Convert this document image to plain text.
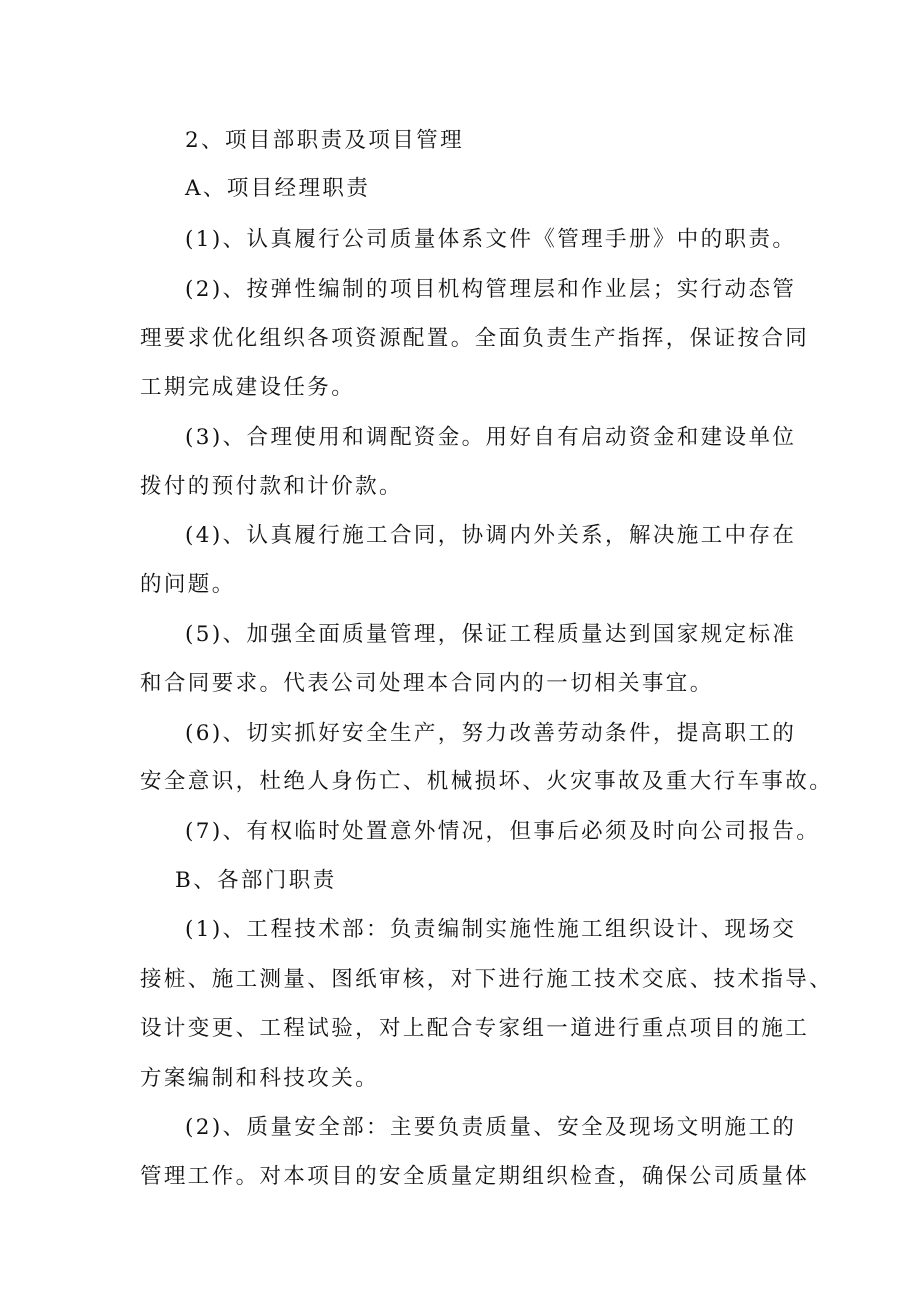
2、项目部职责及项目管理
A、项目经理职责
(1)、认真履行公司质量体系文件《管理手册》中的职责。
(2)、按弹性编制的项目机构管理层和作业层；实行动态管
理要求优化组织各项资源配置。全面负责生产指挥，保证按合同
工期完成建设任务。
(3)、合理使用和调配资金。用好自有启动资金和建设单位
拨付的预付款和计价款。
(4)、认真履行施工合同，协调内外关系，解决施工中存在
的问题。
(5)、加强全面质量管理，保证工程质量达到国家规定标准
和合同要求。代表公司处理本合同内的一切相关事宜。
(6)、切实抓好安全生产，努力改善劳动条件，提高职工的
安全意识，杜绝人身伤亡、机械损坏、火灾事故及重大行车事故。
(7)、有权临时处置意外情况，但事后必须及时向公司报告。
B、各部门职责
(1)、工程技术部：负责编制实施性施工组织设计、现场交
接桩、施工测量、图纸审核，对下进行施工技术交底、技术指导、
设计变更、工程试验，对上配合专家组一道进行重点项目的施工
方案编制和科技攻关。
(2)、质量安全部：主要负责质量、安全及现场文明施工的
管理工作。对本项目的安全质量定期组织检查，确保公司质量体
